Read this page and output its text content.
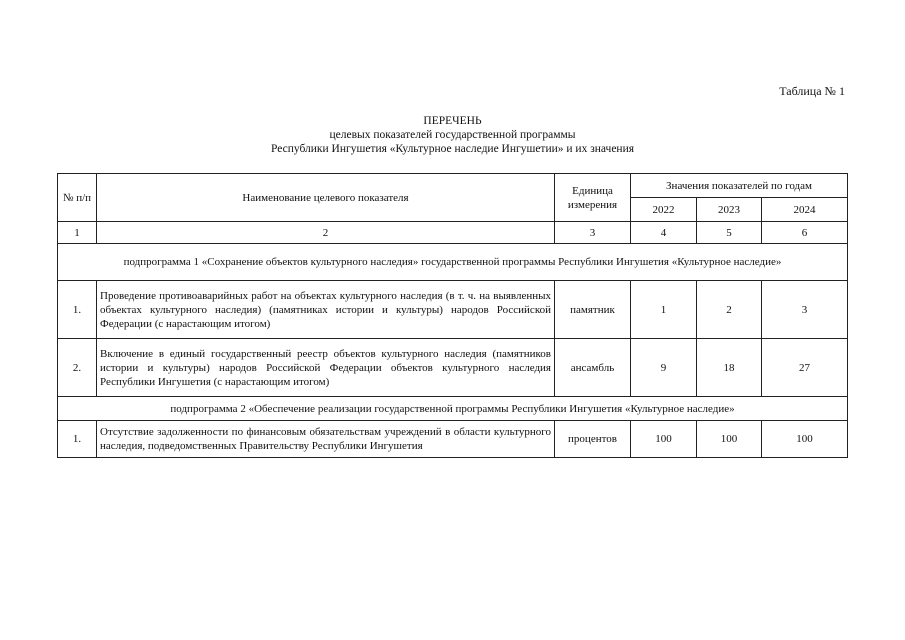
Таблица № 1
ПЕРЕЧЕНЬ
целевых показателей государственной программы
Республики Ингушетия «Культурное наследие Ингушетии» и их значения
№ п/п	Наименование целевого показателя	Единица измерения	Значения показателей по годам		
			2022	2023	2024
1	2	3	4	5	6
подпрограмма 1 «Сохранение объектов культурного наследия» государственной программы Республики Ингушетия «Культурное наследие»					
1.	Проведение противоаварийных работ на объектах культурного наследия (в т. ч. на выявленных объектах культурного наследия) (памятниках истории и культуры) народов Российской Федерации (с нарастающим итогом)	памятник	1	2	3
2.	Включение в единый государственный реестр объектов культурного наследия (памятников истории и культуры) народов Российской Федерации объектов культурного наследия Республики Ингушетия (с нарастающим итогом)	ансамбль	9	18	27
подпрограмма 2 «Обеспечение реализации государственной программы Республики Ингушетия «Культурное наследие»					
1.	Отсутствие задолженности по финансовым обязательствам учреждений в области культурного наследия, подведомственных Правительству Республики Ингушетия	процентов	100	100	100
